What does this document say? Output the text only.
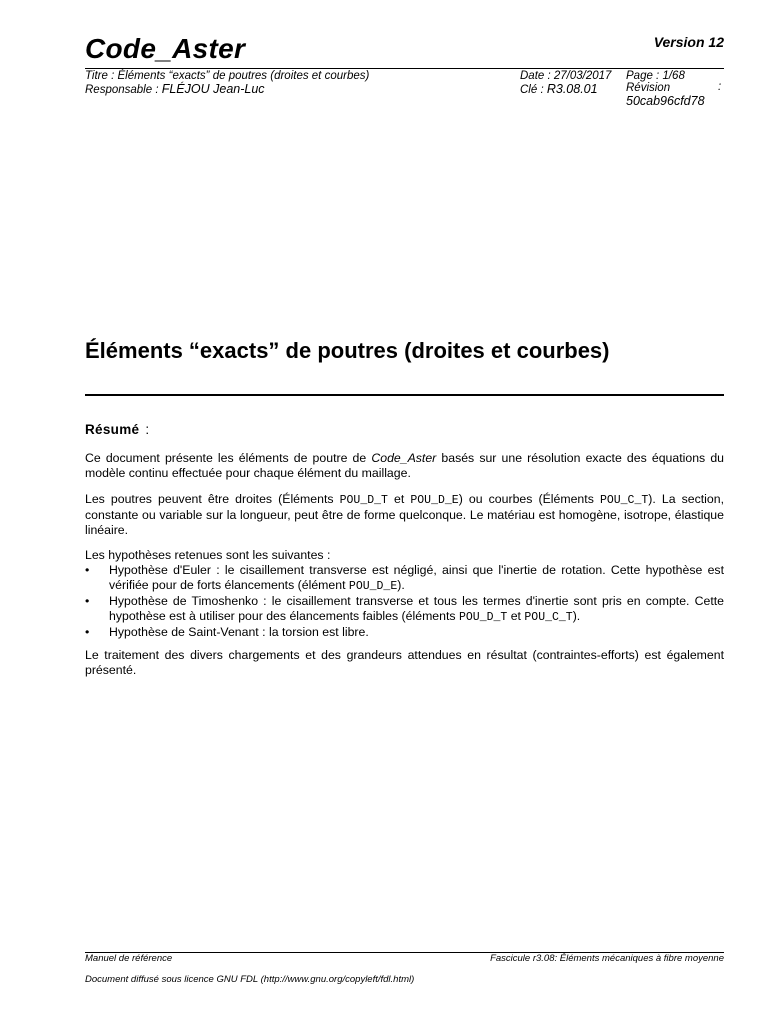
Code_Aster	Version 12
Titre : Éléments “exacts” de poutres (droites et courbes)
Responsable : FLÉJOU Jean-Luc
Date : 27/03/2017
Clé : R3.08.01
Page : 1/68
Révision	:
50cab96cfd78
Éléments “exacts” de poutres (droites et courbes)
Résumé :
Ce document présente les éléments de poutre de Code_Aster basés sur une résolution exacte des équations du modèle continu effectuée pour chaque élément du maillage.
Les poutres peuvent être droites (Éléments POU_D_T et POU_D_E) ou courbes (Éléments POU_C_T). La section, constante ou variable sur la longueur, peut être de forme quelconque. Le matériau est homogène, isotrope, élastique linéaire.

Les hypothèses retenues sont les suivantes :

• Hypothèse d'Euler : le cisaillement transverse est négligé, ainsi que l'inertie de rotation. Cette hypothèse est vérifiée pour de forts élancements (élément POU_D_E).
• Hypothèse de Timoshenko : le cisaillement transverse et tous les termes d'inertie sont pris en compte. Cette hypothèse est à utiliser pour des élancements faibles (éléments POU_D_T et POU_C_T).
• Hypothèse de Saint-Venant : la torsion est libre.
Le traitement des divers chargements et des grandeurs attendues en résultat (contraintes-efforts) est également présenté.
Manuel de référence	Fascicule r3.08: Éléments mécaniques à fibre moyenne
Document diffusé sous licence GNU FDL (http://www.gnu.org/copyleft/fdl.html)
